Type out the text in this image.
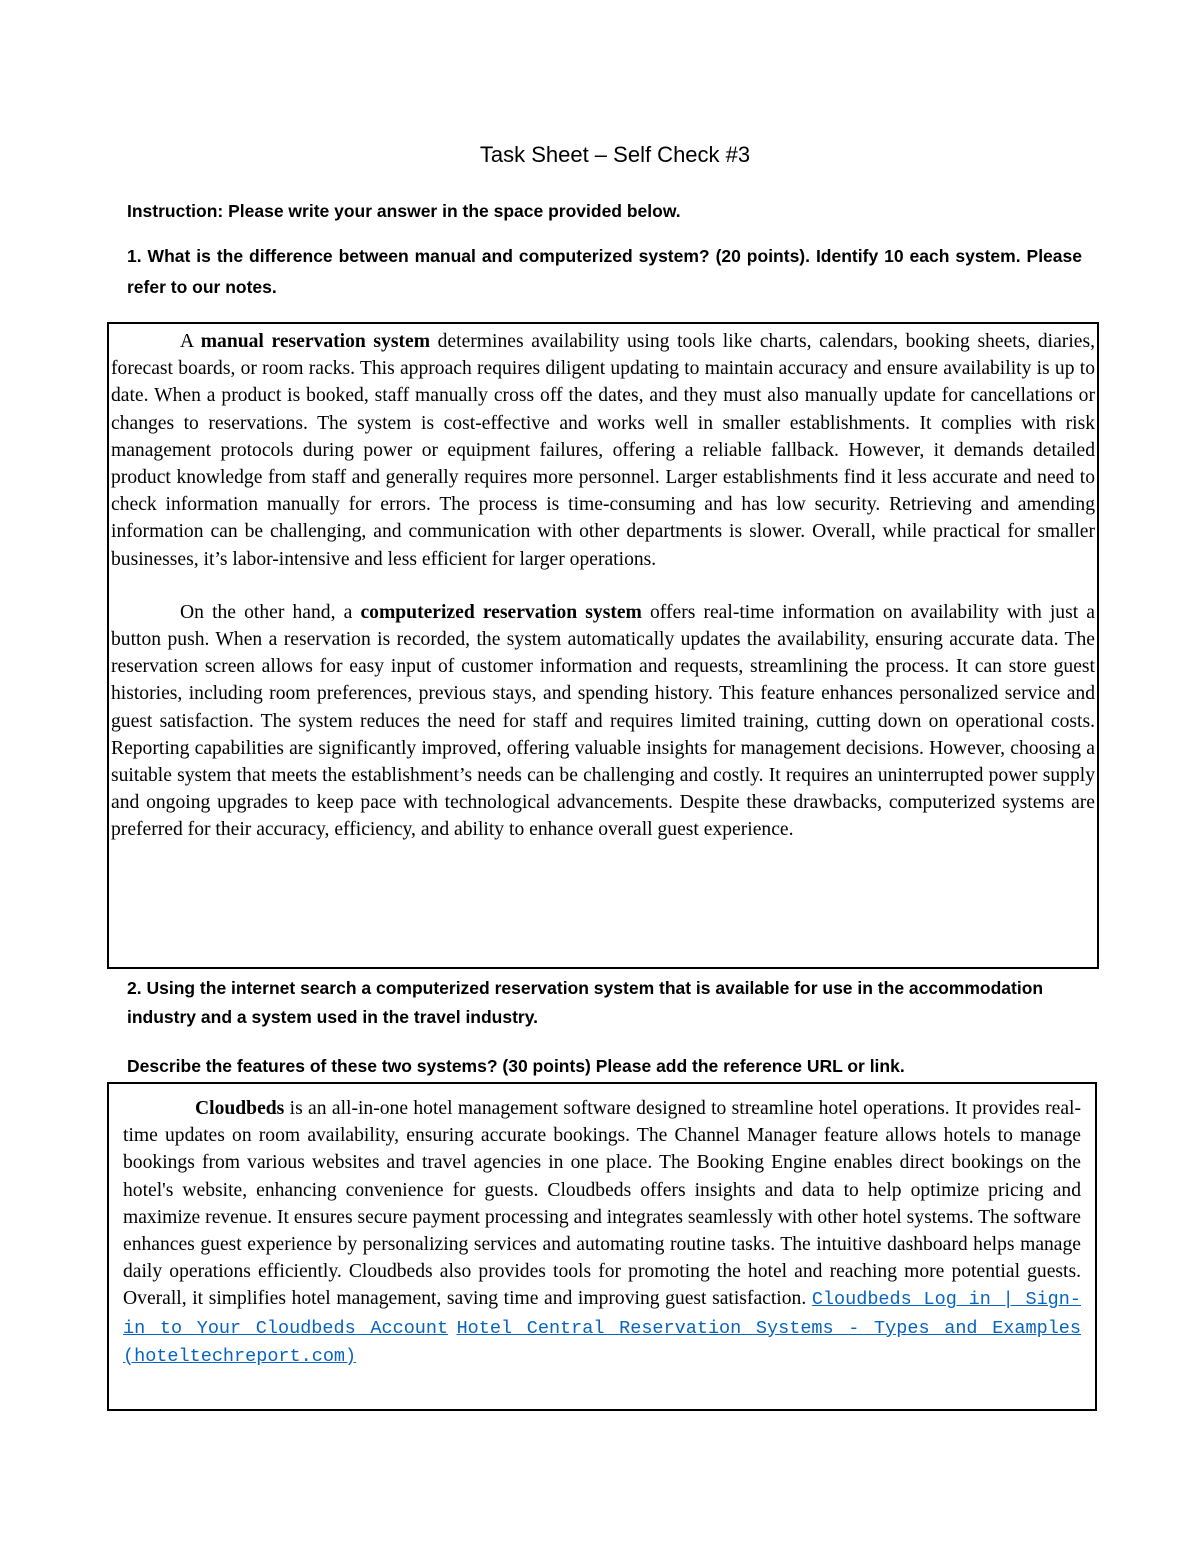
Task Sheet – Self Check #3
Instruction: Please write your answer in the space provided below.
1. What is the difference between manual and computerized system? (20 points). Identify 10 each system. Please refer to our notes.

A manual reservation system determines availability using tools like charts, calendars, booking sheets, diaries, forecast boards, or room racks. This approach requires diligent updating to maintain accuracy and ensure availability is up to date. When a product is booked, staff manually cross off the dates, and they must also manually update for cancellations or changes to reservations. The system is cost-effective and works well in smaller establishments. It complies with risk management protocols during power or equipment failures, offering a reliable fallback. However, it demands detailed product knowledge from staff and generally requires more personnel. Larger establishments find it less accurate and need to check information manually for errors. The process is time-consuming and has low security. Retrieving and amending information can be challenging, and communication with other departments is slower. Overall, while practical for smaller businesses, it’s labor-intensive and less efficient for larger operations.

On the other hand, a computerized reservation system offers real-time information on availability with just a button push. When a reservation is recorded, the system automatically updates the availability, ensuring accurate data. The reservation screen allows for easy input of customer information and requests, streamlining the process. It can store guest histories, including room preferences, previous stays, and spending history. This feature enhances personalized service and guest satisfaction. The system reduces the need for staff and requires limited training, cutting down on operational costs. Reporting capabilities are significantly improved, offering valuable insights for management decisions. However, choosing a suitable system that meets the establishment’s needs can be challenging and costly. It requires an uninterrupted power supply and ongoing upgrades to keep pace with technological advancements. Despite these drawbacks, computerized systems are preferred for their accuracy, efficiency, and ability to enhance overall guest experience.

2. Using the internet search a computerized reservation system that is available for use in the accommodation industry and a system used in the travel industry.
Describe the features of these two systems? (30 points) Please add the reference URL or link.

Cloudbeds is an all-in-one hotel management software designed to streamline hotel operations. It provides real-time updates on room availability, ensuring accurate bookings. The Channel Manager feature allows hotels to manage bookings from various websites and travel agencies in one place. The Booking Engine enables direct bookings on the hotel's website, enhancing convenience for guests. Cloudbeds offers insights and data to help optimize pricing and maximize revenue. It ensures secure payment processing and integrates seamlessly with other hotel systems. The software enhances guest experience by personalizing services and automating routine tasks. The intuitive dashboard helps manage daily operations efficiently. Cloudbeds also provides tools for promoting the hotel and reaching more potential guests. Overall, it simplifies hotel management, saving time and improving guest satisfaction. Cloudbeds Log in | Sign-in to Your Cloudbeds Account Hotel Central Reservation Systems - Types and Examples (hoteltechreport.com)
